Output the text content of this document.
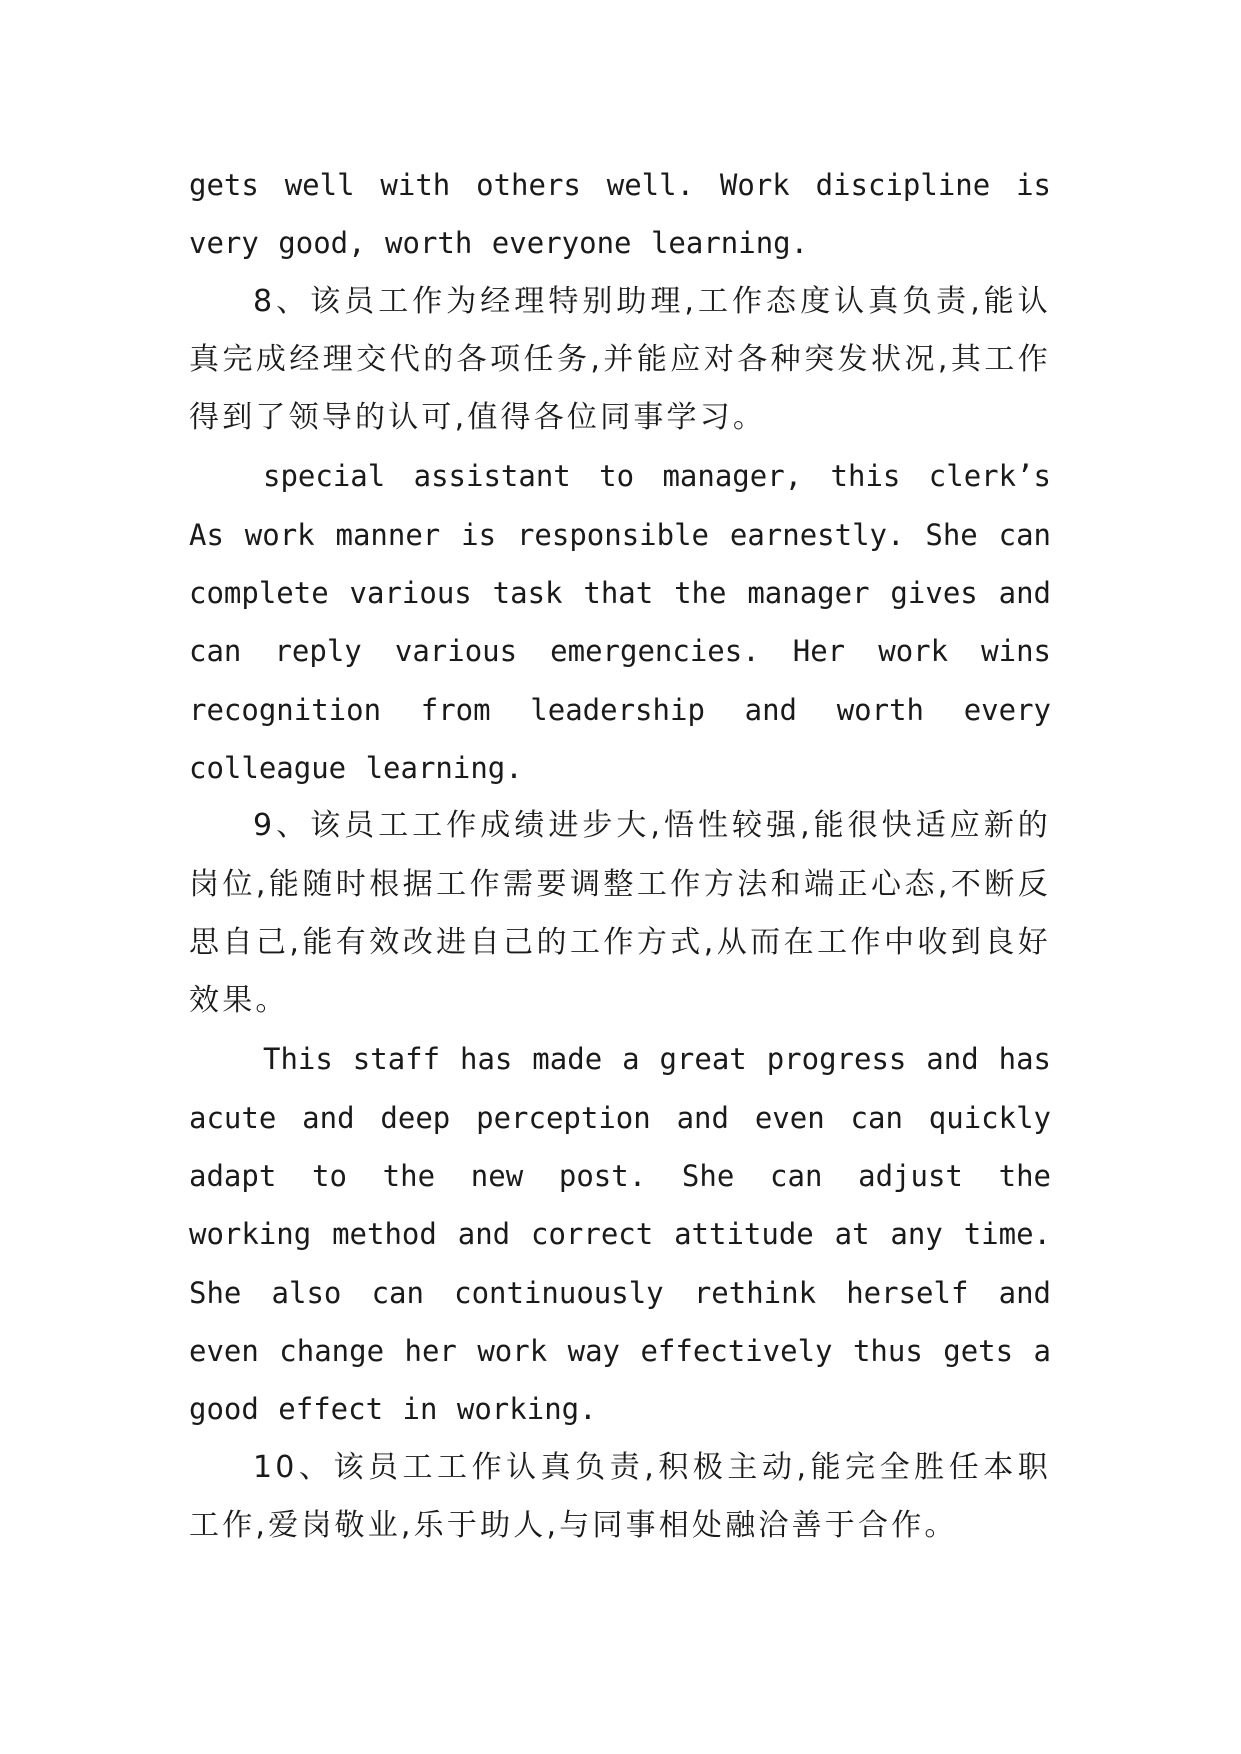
gets well with others well. Work discipline is very good, worth everyone learning.

8、该员工作为经理特别助理,工作态度认真负责,能认真完成经理交代的各项任务,并能应对各种突发状况,其工作得到了领导的认可,值得各位同事学习。

special assistant to manager, this clerk’s As work manner is responsible earnestly. She can complete various task that the manager gives and can reply various emergencies. Her work wins recognition from leadership and worth every colleague learning.

9、该员工工作成绩进步大,悟性较强,能很快适应新的岗位,能随时根据工作需要调整工作方法和端正心态,不断反思自己,能有效改进自己的工作方式,从而在工作中收到良好效果。

This staff has made a great progress and has acute and deep perception and even can quickly adapt to the new post. She can adjust the working method and correct attitude at any time. She also can continuously rethink herself and even change her work way effectively thus gets a good effect in working.

10、该员工工作认真负责,积极主动,能完全胜任本职工作,爱岗敬业,乐于助人,与同事相处融洽善于合作。
